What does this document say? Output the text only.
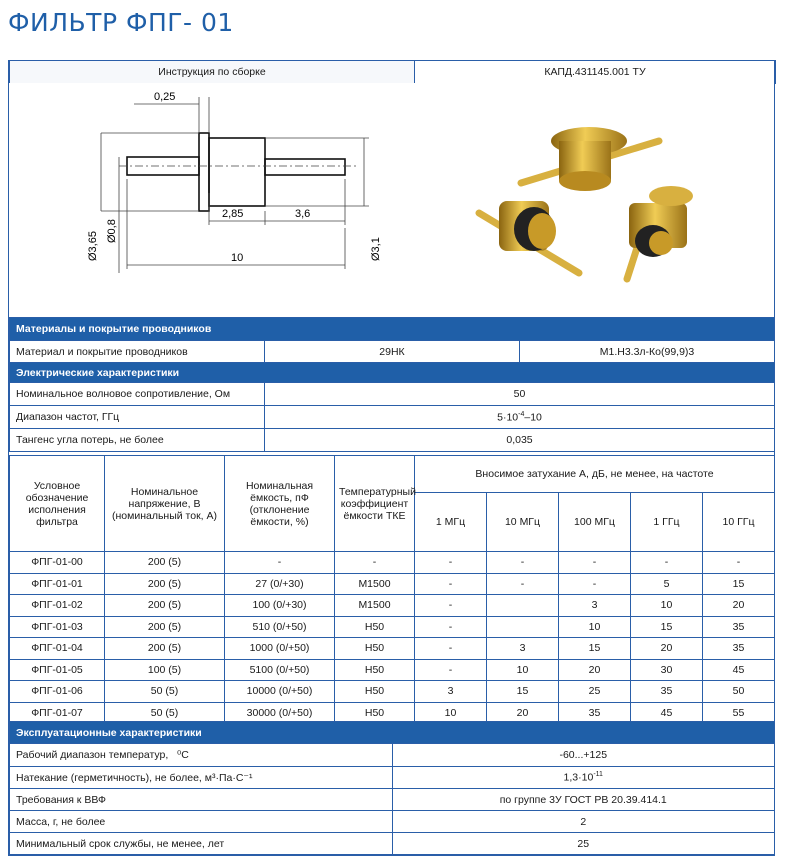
ФИЛЬТР ФПГ- 01
Инструкция по сборке	КАПД.431145.001 ТУ
0,25
2,85	3,6
10
Ø3,65 Ø0,8
Ø3,1
Материалы и покрытие проводников		
Материал и покрытие проводников	29НК	М1.Н3.3л-Ко(99,9)3
Электрические характеристики		
Номинальное волновое сопротивление, Ом	50	
Диапазон частот, ГГц	$5\cdot 10^{-4}-10$	
Тангенс угла потерь, не более	0,035	
Условное обозначение исполнения фильтра	Номинальное напряжение, В (номинальный ток, А)	Номинальная ёмкость, пФ (отклонение ёмкости, %)	Температурный коэффициент ёмкости ТКЕ	Вносимое затухание А, дБ, не менее, на частоте				
				1 МГц	10 МГц	100 МГц	1 ГГц	10 ГГц
ФПГ-01-00	200 (5)	-	-	-	-	-	-	-
ФПГ-01-01	200 (5)	27 (0/+30)	М1500	-	-	-	5	15
ФПГ-01-02	200 (5)	100 (0/+30)	М1500	-		3	10	20
ФПГ-01-03	200 (5)	510 (0/+50)	Н50	-		10	15	35
ФПГ-01-04	200 (5)	1000 (0/+50)	Н50	-	3	15	20	35
ФПГ-01-05	100 (5)	5100 (0/+50)	Н50	-	10	20	30	45
ФПГ-01-06	50 (5)	10000 (0/+50)	Н50	3	15	25	35	50
ФПГ-01-07	50 (5)	30000 (0/+50)	Н50	10	20	35	45	55
Эксплуатационные характеристики	
Рабочий диапазон температур, ⁰С	-60...+125
Натекание (герметичность), не более, м³·Па·С⁻¹	$1,3\cdot 10^{-11}$
Требования к ВВФ	по группе 3У ГОСТ РВ 20.39.414.1
Масса, г, не более	2
Минимальный срок службы, не менее, лет	25
